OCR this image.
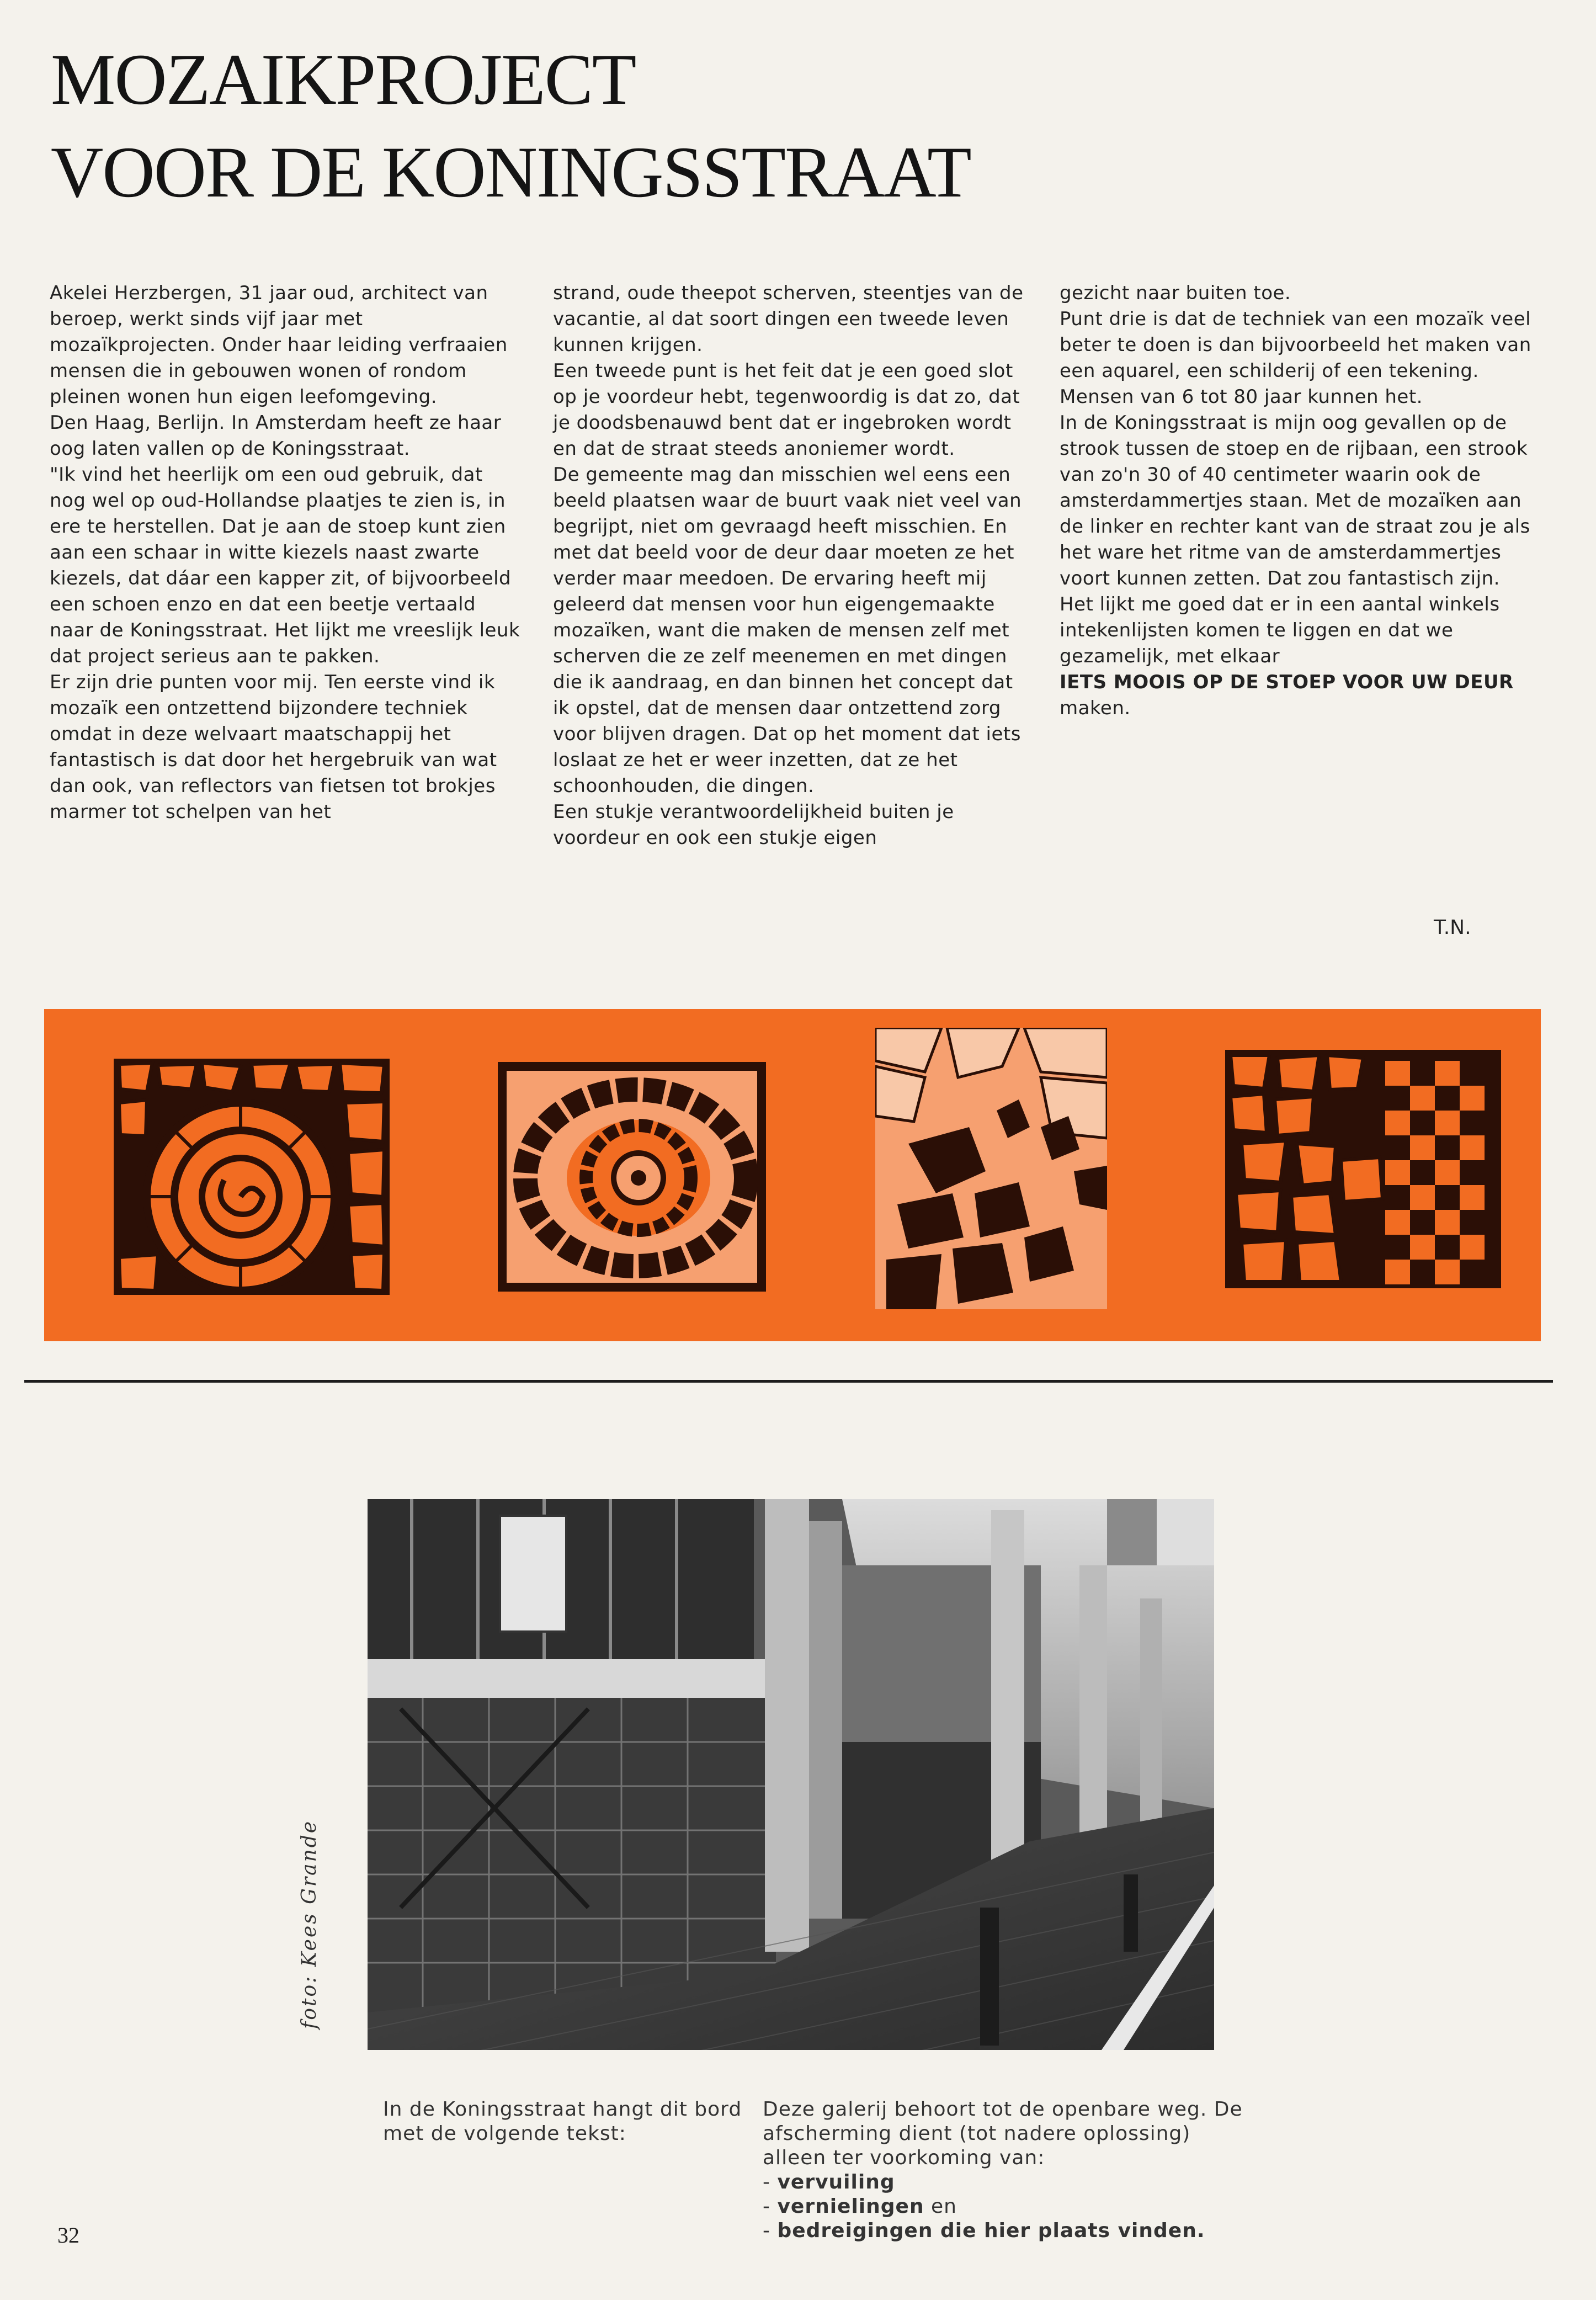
MOZAIKPROJECT
VOOR DE KONINGSSTRAAT

Akelei Herzbergen, 31 jaar oud, architect van beroep, werkt sinds vijf jaar met mozaïkprojecten. Onder haar leiding verfraaien mensen die in gebouwen wonen of rondom pleinen wonen hun eigen leefomgeving.

Den Haag, Berlijn. In Amsterdam heeft ze haar oog laten vallen op de Koningsstraat.

"Ik vind het heerlijk om een oud gebruik, dat nog wel op oud-Hollandse plaatjes te zien is, in ere te herstellen. Dat je aan de stoep kunt zien aan een schaar in witte kiezels naast zwarte kiezels, dat dáar een kapper zit, of bijvoorbeeld een schoen enzo en dat een beetje vertaald naar de Koningsstraat. Het lijkt me vreeslijk leuk dat project serieus aan te pakken.

Er zijn drie punten voor mij. Ten eerste vind ik mozaïk een ontzettend bijzondere techniek omdat in deze welvaart maatschappij het fantastisch is dat door het hergebruik van wat dan ook, van reflectors van fietsen tot brokjes marmer tot schelpen van het

strand, oude theepot scherven, steentjes van de vacantie, al dat soort dingen een tweede leven kunnen krijgen.

Een tweede punt is het feit dat je een goed slot op je voordeur hebt, tegenwoordig is dat zo, dat je doodsbenauwd bent dat er ingebroken wordt en dat de straat steeds anoniemer wordt.

De gemeente mag dan misschien wel eens een beeld plaatsen waar de buurt vaak niet veel van begrijpt, niet om gevraagd heeft misschien. En met dat beeld voor de deur daar moeten ze het verder maar meedoen. De ervaring heeft mij geleerd dat mensen voor hun eigengemaakte mozaïken, want die maken de mensen zelf met scherven die ze zelf meenemen en met dingen die ik aandraag, en dan binnen het concept dat ik opstel, dat de mensen daar ontzettend zorg voor blijven dragen. Dat op het moment dat iets loslaat ze het er weer inzetten, dat ze het schoonhouden, die dingen.

Een stukje verantwoordelijkheid buiten je voordeur en ook een stukje eigen

gezicht naar buiten toe.

Punt drie is dat de techniek van een mozaïk veel beter te doen is dan bijvoorbeeld het maken van een aquarel, een schilderij of een tekening. Mensen van 6 tot 80 jaar kunnen het.

In de Koningsstraat is mijn oog gevallen op de strook tussen de stoep en de rijbaan, een strook van zo'n 30 of 40 centimeter waarin ook de amsterdammertjes staan. Met de mozaïken aan de linker en rechter kant van de straat zou je als het ware het ritme van de amsterdammertjes voort kunnen zetten. Dat zou fantastisch zijn.

Het lijkt me goed dat er in een aantal winkels intekenlijsten komen te liggen en dat we gezamelijk, met elkaar

IETS MOOIS OP DE STOEP VOOR UW DEUR maken.

T.N.
foto: Kees Grande

In de Koningsstraat hangt dit bord met de volgende tekst:

Deze galerij behoort tot de openbare weg. De afscherming dient (tot nadere oplossing) alleen ter voorkoming van:

- vervuiling
- vernielingen en
- bedreigingen die hier plaats vinden.
32
